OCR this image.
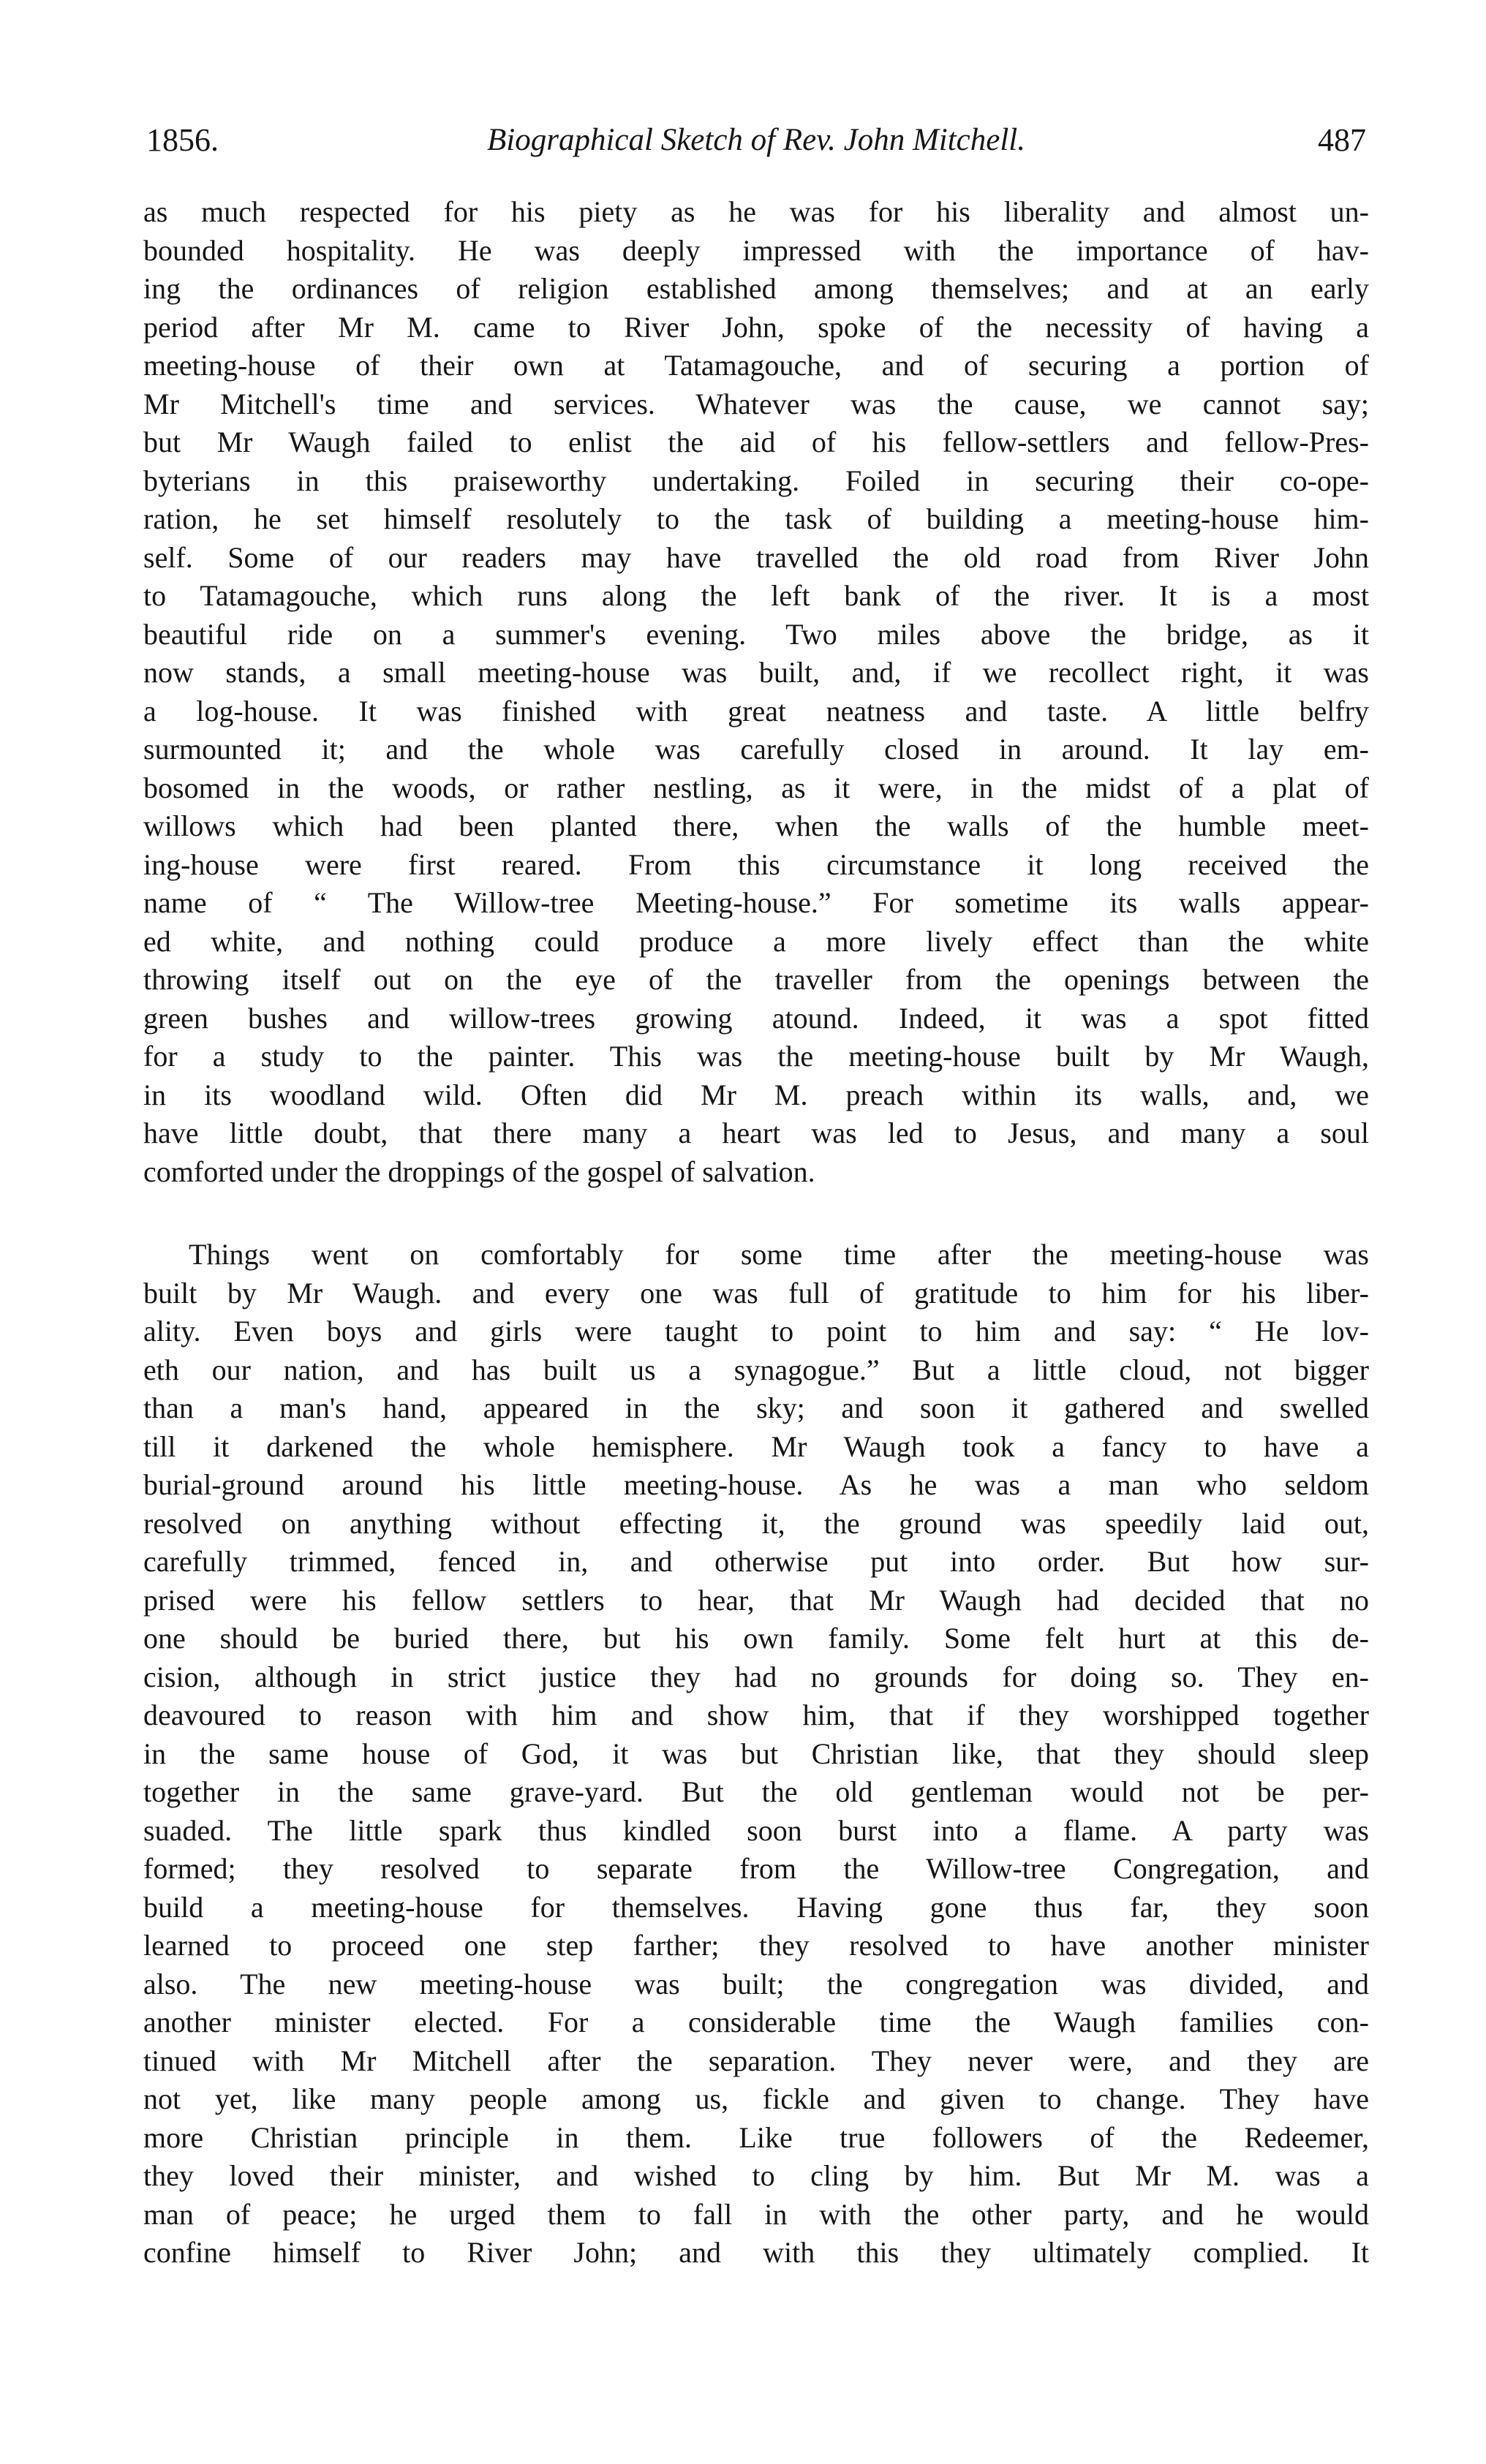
1856.	Biographical Sketch of Rev. John Mitchell.	487
as much respected for his piety as he was for his liberality and almost un-
bounded hospitality. He was deeply impressed with the importance of hav-
ing the ordinances of religion established among themselves; and at an early
period after Mr M. came to River John, spoke of the necessity of having a
meeting-house of their own at Tatamagouche, and of securing a portion of
Mr Mitchell's time and services. Whatever was the cause, we cannot say;
but Mr Waugh failed to enlist the aid of his fellow-settlers and fellow-Pres-
byterians in this praiseworthy undertaking. Foiled in securing their co-ope-
ration, he set himself resolutely to the task of building a meeting-house him-
self. Some of our readers may have travelled the old road from River John
to Tatamagouche, which runs along the left bank of the river. It is a most
beautiful ride on a summer's evening. Two miles above the bridge, as it
now stands, a small meeting-house was built, and, if we recollect right, it was
a log-house. It was finished with great neatness and taste. A little belfry
surmounted it; and the whole was carefully closed in around. It lay em-
bosomed in the woods, or rather nestling, as it were, in the midst of a plat of
willows which had been planted there, when the walls of the humble meet-
ing-house were first reared. From this circumstance it long received the
name of “ The Willow-tree Meeting-house.” For sometime its walls appear-
ed white, and nothing could produce a more lively effect than the white
throwing itself out on the eye of the traveller from the openings between the
green bushes and willow-trees growing atound. Indeed, it was a spot fitted
for a study to the painter. This was the meeting-house built by Mr Waugh,
in its woodland wild. Often did Mr M. preach within its walls, and, we
have little doubt, that there many a heart was led to Jesus, and many a soul
comforted under the droppings of the gospel of salvation.
Things went on comfortably for some time after the meeting-house was
built by Mr Waugh. and every one was full of gratitude to him for his liber-
ality. Even boys and girls were taught to point to him and say: “ He lov-
eth our nation, and has built us a synagogue.” But a little cloud, not bigger
than a man's hand, appeared in the sky; and soon it gathered and swelled
till it darkened the whole hemisphere. Mr Waugh took a fancy to have a
burial-ground around his little meeting-house. As he was a man who seldom
resolved on anything without effecting it, the ground was speedily laid out,
carefully trimmed, fenced in, and otherwise put into order. But how sur-
prised were his fellow settlers to hear, that Mr Waugh had decided that no
one should be buried there, but his own family. Some felt hurt at this de-
cision, although in strict justice they had no grounds for doing so. They en-
deavoured to reason with him and show him, that if they worshipped together
in the same house of God, it was but Christian like, that they should sleep
together in the same grave-yard. But the old gentleman would not be per-
suaded. The little spark thus kindled soon burst into a flame. A party was
formed; they resolved to separate from the Willow-tree Congregation, and
build a meeting-house for themselves. Having gone thus far, they soon
learned to proceed one step farther; they resolved to have another minister
also. The new meeting-house was built; the congregation was divided, and
another minister elected. For a considerable time the Waugh families con-
tinued with Mr Mitchell after the separation. They never were, and they are
not yet, like many people among us, fickle and given to change. They have
more Christian principle in them. Like true followers of the Redeemer,
they loved their minister, and wished to cling by him. But Mr M. was a
man of peace; he urged them to fall in with the other party, and he would
confine himself to River John; and with this they ultimately complied. It
